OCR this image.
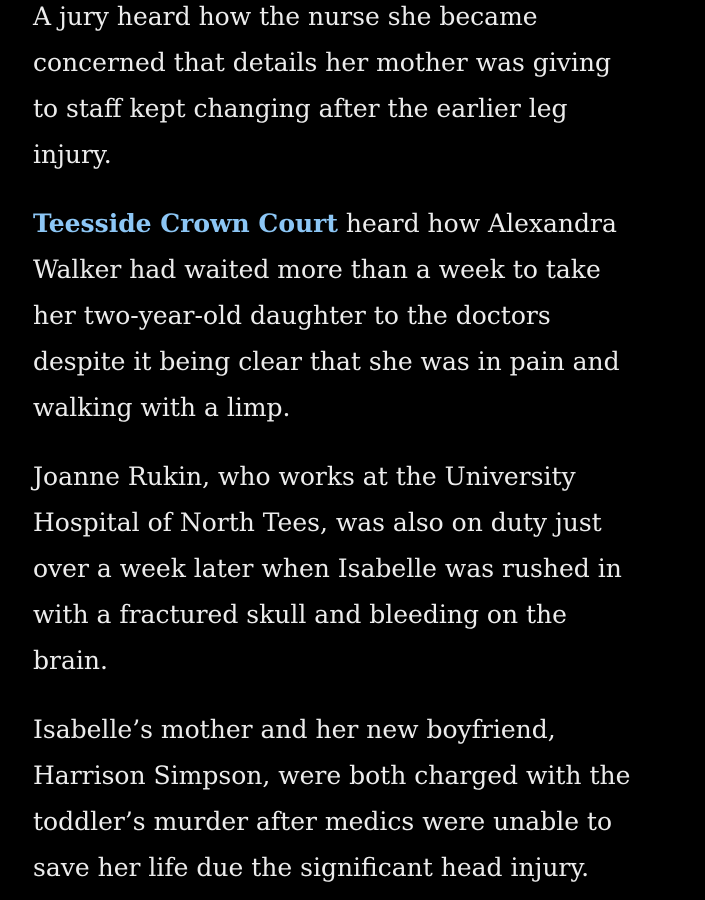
A jury heard how the nurse she became
concerned that details her mother was giving
to staff kept changing after the earlier leg
injury.

Teesside Crown Court heard how Alexandra
Walker had waited more than a week to take
her two-year-old daughter to the doctors
despite it being clear that she was in pain and
walking with a limp.

Joanne Rukin, who works at the University
Hospital of North Tees, was also on duty just
over a week later when Isabelle was rushed in
with a fractured skull and bleeding on the
brain.

Isabelle’s mother and her new boyfriend,
Harrison Simpson, were both charged with the
toddler’s murder after medics were unable to
save her life due the significant head injury.
